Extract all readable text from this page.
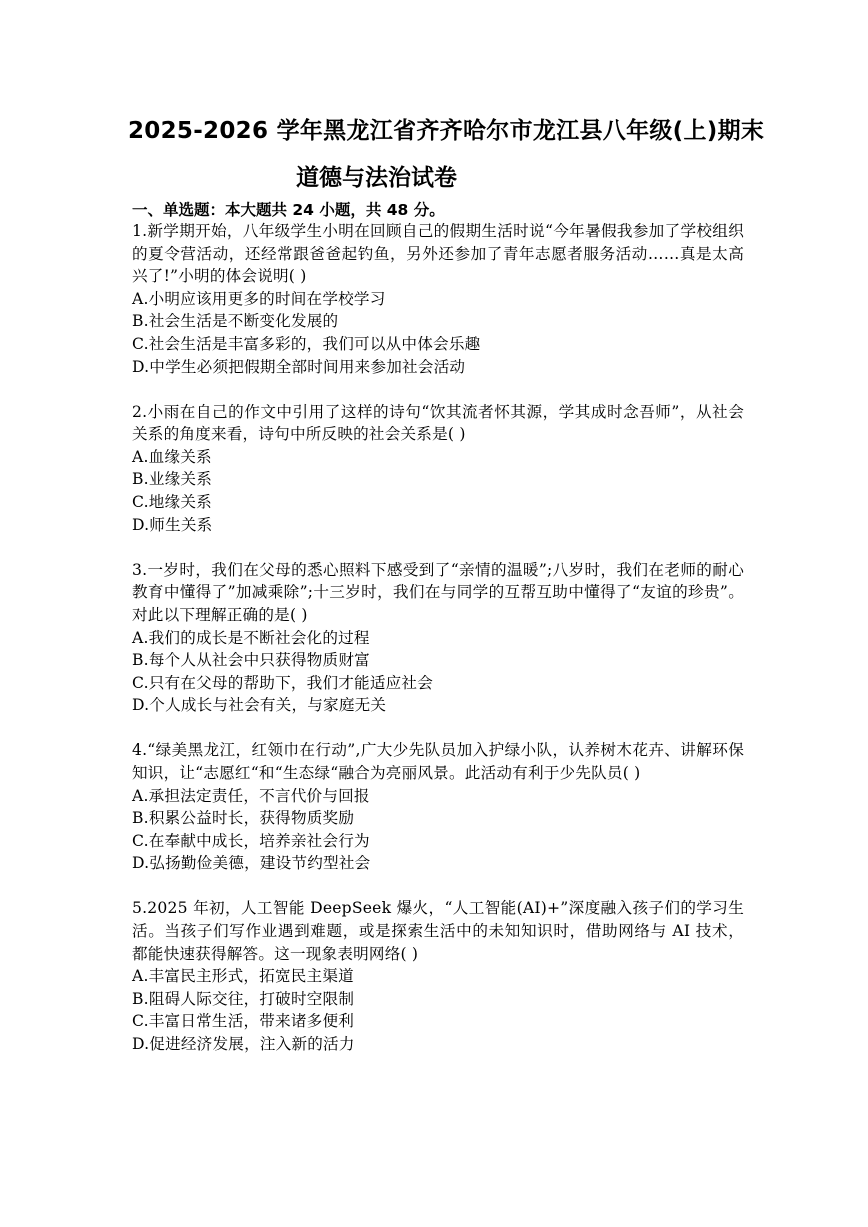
2025-2026 学年黑龙江省齐齐哈尔市龙江县八年级(上)期末
道德与法治试卷
一、单选题：本大题共 24 小题，共 48 分。
1.新学期开始，八年级学生小明在回顾自己的假期生活时说“今年暑假我参加了学校组织的夏令营活动，还经常跟爸爸起钓鱼，另外还参加了青年志愿者服务活动……真是太高兴了!”小明的体会说明( )
A.小明应该用更多的时间在学校学习
B.社会生活是不断变化发展的
C.社会生活是丰富多彩的，我们可以从中体会乐趣
D.中学生必须把假期全部时间用来参加社会活动
2.小雨在自己的作文中引用了这样的诗句“饮其流者怀其源，学其成时念吾师”，从社会关系的角度来看，诗句中所反映的社会关系是( )
A.血缘关系
B.业缘关系
C.地缘关系
D.师生关系
3.一岁时，我们在父母的悉心照料下感受到了“亲情的温暖”;八岁时，我们在老师的耐心教育中懂得了”加减乘除”;十三岁时，我们在与同学的互帮互助中懂得了“友谊的珍贵”。对此以下理解正确的是( )
A.我们的成长是不断社会化的过程
B.每个人从社会中只获得物质财富
C.只有在父母的帮助下，我们才能适应社会
D.个人成长与社会有关，与家庭无关
4.“绿美黑龙江，红领巾在行动”,广大少先队员加入护绿小队，认养树木花卉、讲解环保知识，让“志愿红“和“生态绿“融合为亮丽风景。此活动有利于少先队员( )
A.承担法定责任，不言代价与回报
B.积累公益时长，获得物质奖励
C.在奉献中成长，培养亲社会行为
D.弘扬勤俭美德，建设节约型社会
5.2025 年初，人工智能 DeepSeek 爆火，“人工智能(AI)+”深度融入孩子们的学习生活。当孩子们写作业遇到难题，或是探索生活中的未知知识时，借助网络与 AI 技术，都能快速获得解答。这一现象表明网络( )
A.丰富民主形式，拓宽民主渠道
B.阻碍人际交往，打破时空限制
C.丰富日常生活，带来诸多便利
D.促进经济发展，注入新的活力
